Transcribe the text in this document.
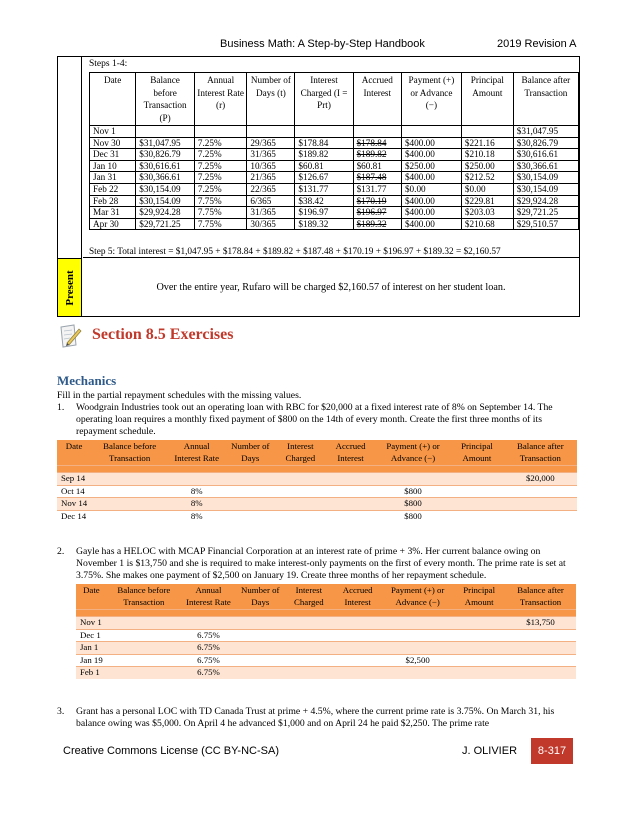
Business Math: A Step-by-Step Handbook	2019 Revision A
Present
Steps 1-4:
Date	Balance before Transaction (P)	Annual Interest Rate (r)	Number of Days (t)	Interest Charged (I = Prt)	Accrued Interest	Payment (+) or Advance (−)	Principal Amount	Balance after Transaction
Nov 1								$31,047.95
Nov 30	$31,047.95	7.25%	29/365	$178.84	$178.84	$400.00	$221.16	$30,826.79
Dec 31	$30,826.79	7.25%	31/365	$189.82	$189.82	$400.00	$210.18	$30,616.61
Jan 10	$30,616.61	7.25%	10/365	$60.81	$60.81	$250.00	$250.00	$30,366.61
Jan 31	$30,366.61	7.25%	21/365	$126.67	$187.48	$400.00	$212.52	$30,154.09
Feb 22	$30,154.09	7.25%	22/365	$131.77	$131.77	$0.00	$0.00	$30,154.09
Feb 28	$30,154.09	7.75%	6/365	$38.42	$170.19	$400.00	$229.81	$29,924.28
Mar 31	$29,924.28	7.75%	31/365	$196.97	$196.97	$400.00	$203.03	$29,721.25
Apr 30	$29,721.25	7.75%	30/365	$189.32	$189.32	$400.00	$210.68	$29,510.57
Step 5: Total interest = $1,047.95 + $178.84 + $189.82 + $187.48 + $170.19 + $196.97 + $189.32 = $2,160.57
Over the entire year, Rufaro will be charged $2,160.57 of interest on her student loan.
Section 8.5 Exercises
Mechanics
Fill in the partial repayment schedules with the missing values.
1. Woodgrain Industries took out an operating loan with RBC for $20,000 at a fixed interest rate of 8% on September 14. The operating loan requires a monthly fixed payment of $800 on the 14th of every month. Create the first three months of its repayment schedule.
Date	Balance before Transaction	Annual Interest Rate	Number of Days	Interest Charged	Accrued Interest	Payment (+) or Advance (−)	Principal Amount	Balance after Transaction

Sep 14								$20,000
Oct 14		8%				$800		
Nov 14		8%				$800		
Dec 14		8%				$800		
2. Gayle has a HELOC with MCAP Financial Corporation at an interest rate of prime + 3%. Her current balance owing on November 1 is $13,750 and she is required to make interest-only payments on the first of every month. The prime rate is set at 3.75%. She makes one payment of $2,500 on January 19. Create three months of her repayment schedule.
Date	Balance before Transaction	Annual Interest Rate	Number of Days	Interest Charged	Accrued Interest	Payment (+) or Advance (−)	Principal Amount	Balance after Transaction

Nov 1								$13,750
Dec 1		6.75%						
Jan 1		6.75%						
Jan 19		6.75%				$2,500		
Feb 1		6.75%						
3. Grant has a personal LOC with TD Canada Trust at prime + 4.5%, where the current prime rate is 3.75%. On March 31, his balance owing was $5,000. On April 4 he advanced $1,000 and on April 24 he paid $2,250. The prime rate
Creative Commons License (CC BY-NC-SA)	J. OLIVIER	8-317
